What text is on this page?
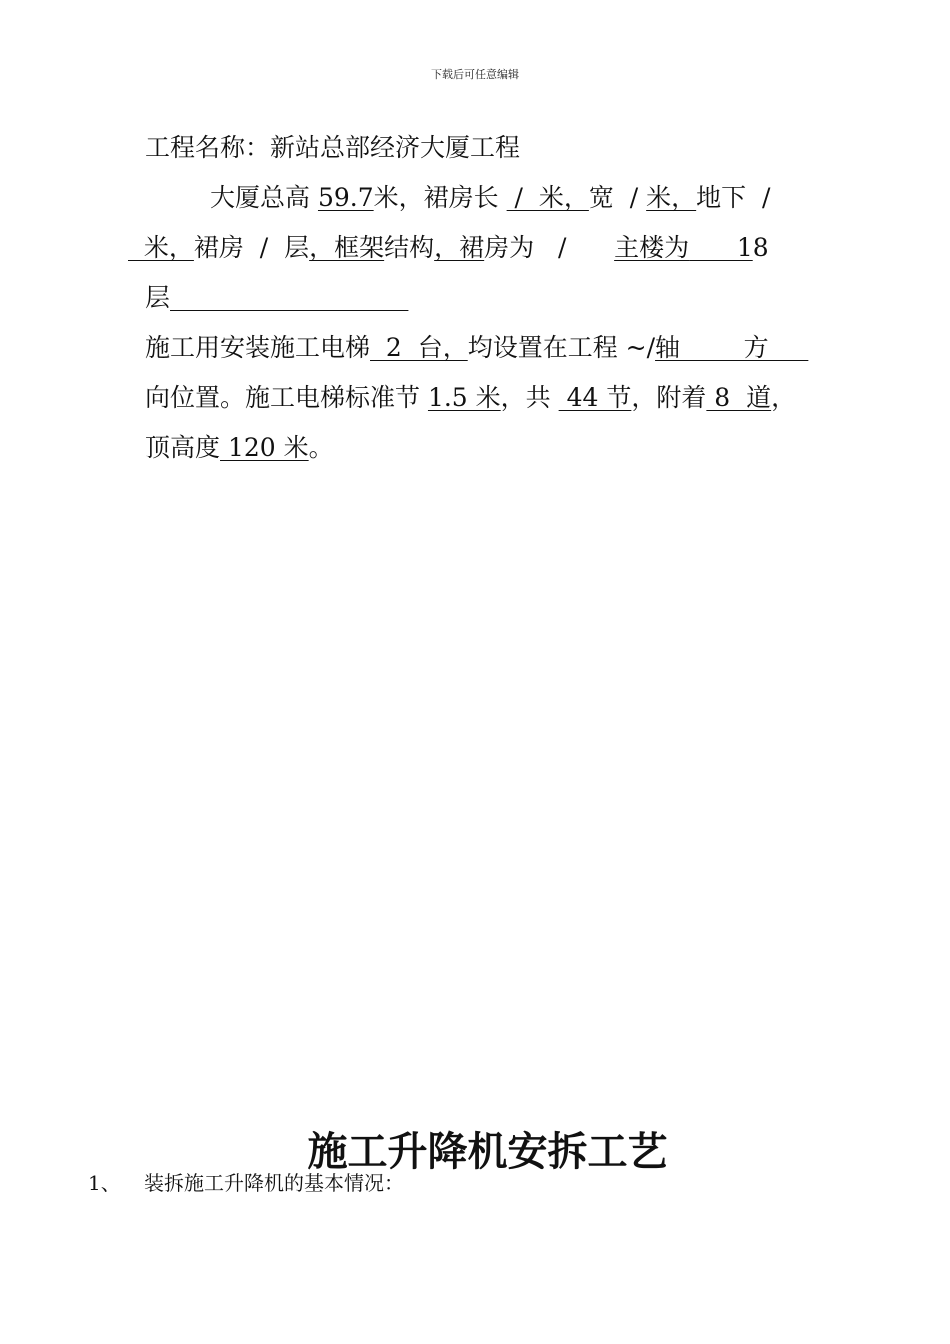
下载后可任意编辑
工程名称：新站总部经济大厦工程
大厦总高 59.7米，裙房长  /  米，宽  / 米，地下  /
米，裙房  /  层，框架结构，裙房为   /      主楼为      18
层
施工用安装施工电梯  2  台，均设置在工程 ~/轴        方
向位置。施工电梯标准节 1.5 米，共  44 节，附着 8  道，
顶高度 120 米。
施工升降机安拆工艺
1、 装拆施工升降机的基本情况：
